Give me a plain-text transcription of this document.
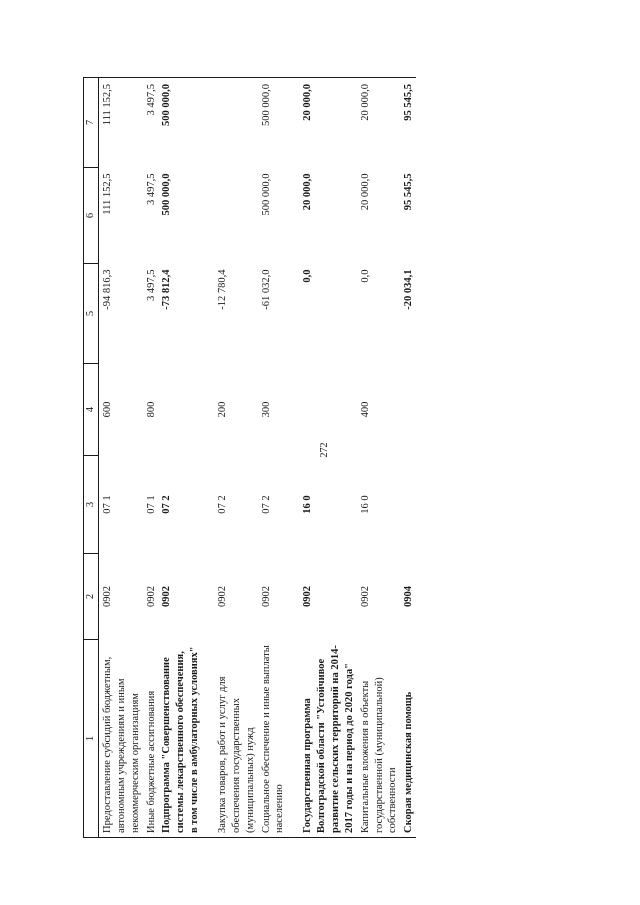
272
1	2	3	4	5	6	7
Предоставление субсидий бюджетным, автономным учреждениям и иным некоммерческим организациям	0902	07 1	600	-94 816,3	111 152,5	111 152,5
Иные бюджетные ассигнования	0902	07 1	800	3 497,5	3 497,5	3 497,5
Подпрограмма "Совершенствование системы лекарственного обеспечения, в том числе в амбулаторных условиях"	0902	07 2		-73 812,4	500 000,0	500 000,0

Закупка товаров, работ и услуг для обеспечения государственных (муниципальных) нужд	0902	07 2	200	-12 780,4		
Социальное обеспечение и иные выплаты населению	0902	07 2	300	-61 032,0	500 000,0	500 000,0

Государственная программа Волгоградской области "Устойчивое развитие сельских территорий на 2014-2017 годы и на период до 2020 года"	0902	16 0		0,0	20 000,0	20 000,0
Капитальные вложения в объекты государственной (муниципальной) собственности	0902	16 0	400	0,0	20 000,0	20 000,0
Скорая медицинская помощь	0904			-20 034,1	95 545,5	95 545,5
